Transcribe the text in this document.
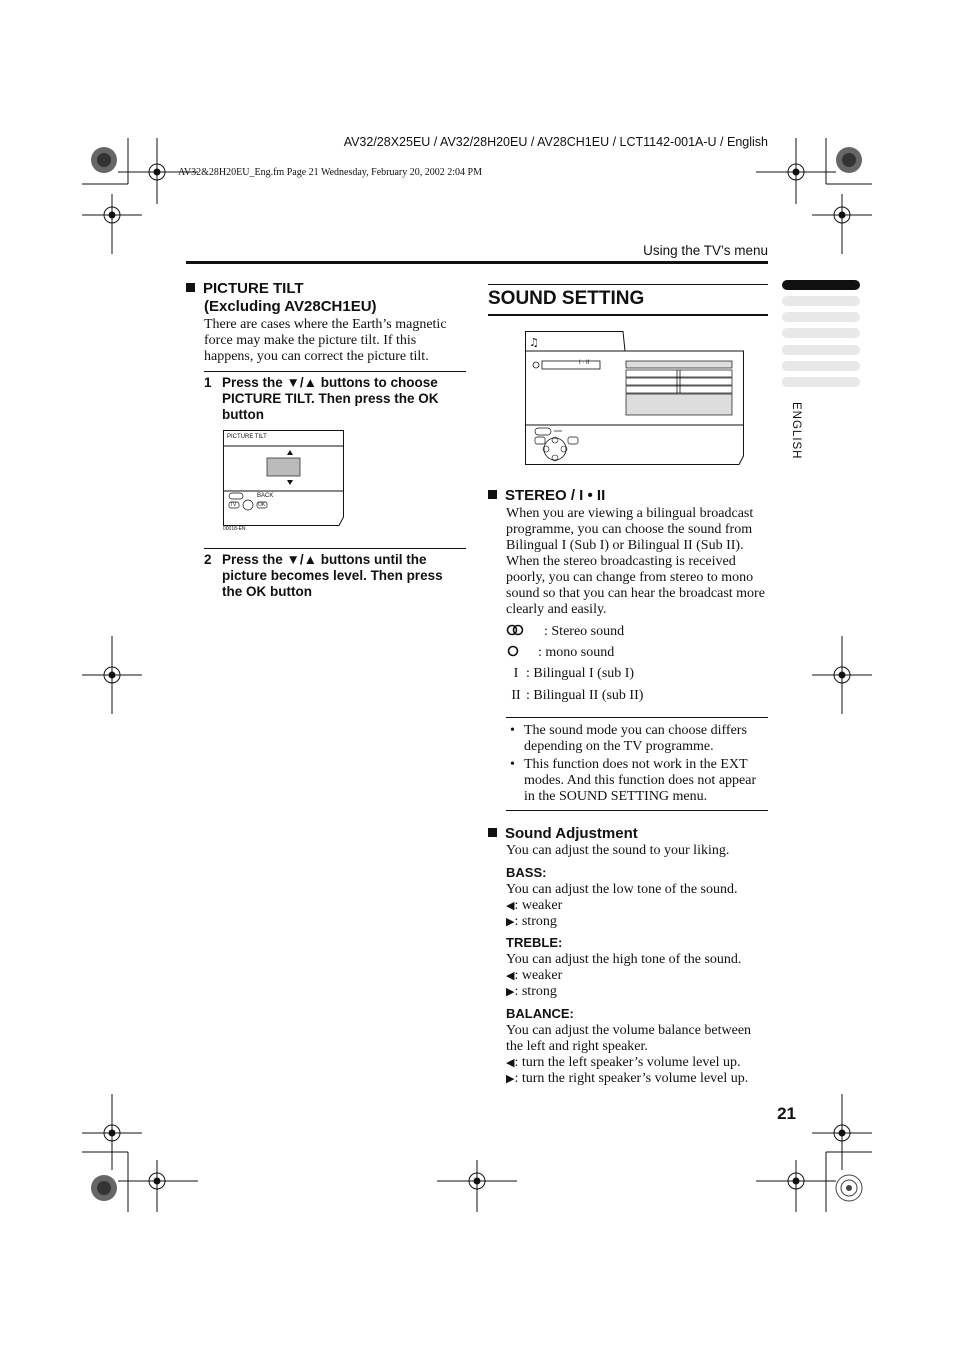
AV32/28X25EU / AV32/28H20EU / AV28CH1EU / LCT1142-001A-U / English
AV32&28H20EU_Eng.fm Page 21 Wednesday, February 20, 2002 2:04 PM
Using the TV’s menu
ENGLISH
PICTURE TILT
(Excluding AV28CH1EU)
There are cases where the Earth’s magnetic force may make the picture tilt. If this happens, you can correct the picture tilt.
1 Press the ▼/▲ buttons to choose PICTURE TILT. Then press the OK button
PICTURE TILT
BACK
TV	OK
00018-EN
2 Press the ▼/▲ buttons until the picture becomes level. Then press the OK button
SOUND SETTING
♫
I · II
STEREO / I • II
When you are viewing a bilingual broadcast programme, you can choose the sound from Bilingual I (Sub I) or Bilingual II (Sub II). When the stereo broadcasting is received poorly, you can change from stereo to mono sound so that you can hear the broadcast more clearly and easily.
: Stereo sound
: mono sound
I : Bilingual I (sub I)
II : Bilingual II (sub II)
• The sound mode you can choose differs depending on the TV programme.
• This function does not work in the EXT modes. And this function does not appear in the SOUND SETTING menu.
Sound Adjustment
You can adjust the sound to your liking.
BASS:
You can adjust the low tone of the sound.
◀: weaker
▶: strong
TREBLE:
You can adjust the high tone of the sound.
◀: weaker
▶: strong
BALANCE:
You can adjust the volume balance between the left and right speaker.
◀: turn the left speaker’s volume level up.
▶: turn the right speaker’s volume level up.
21
